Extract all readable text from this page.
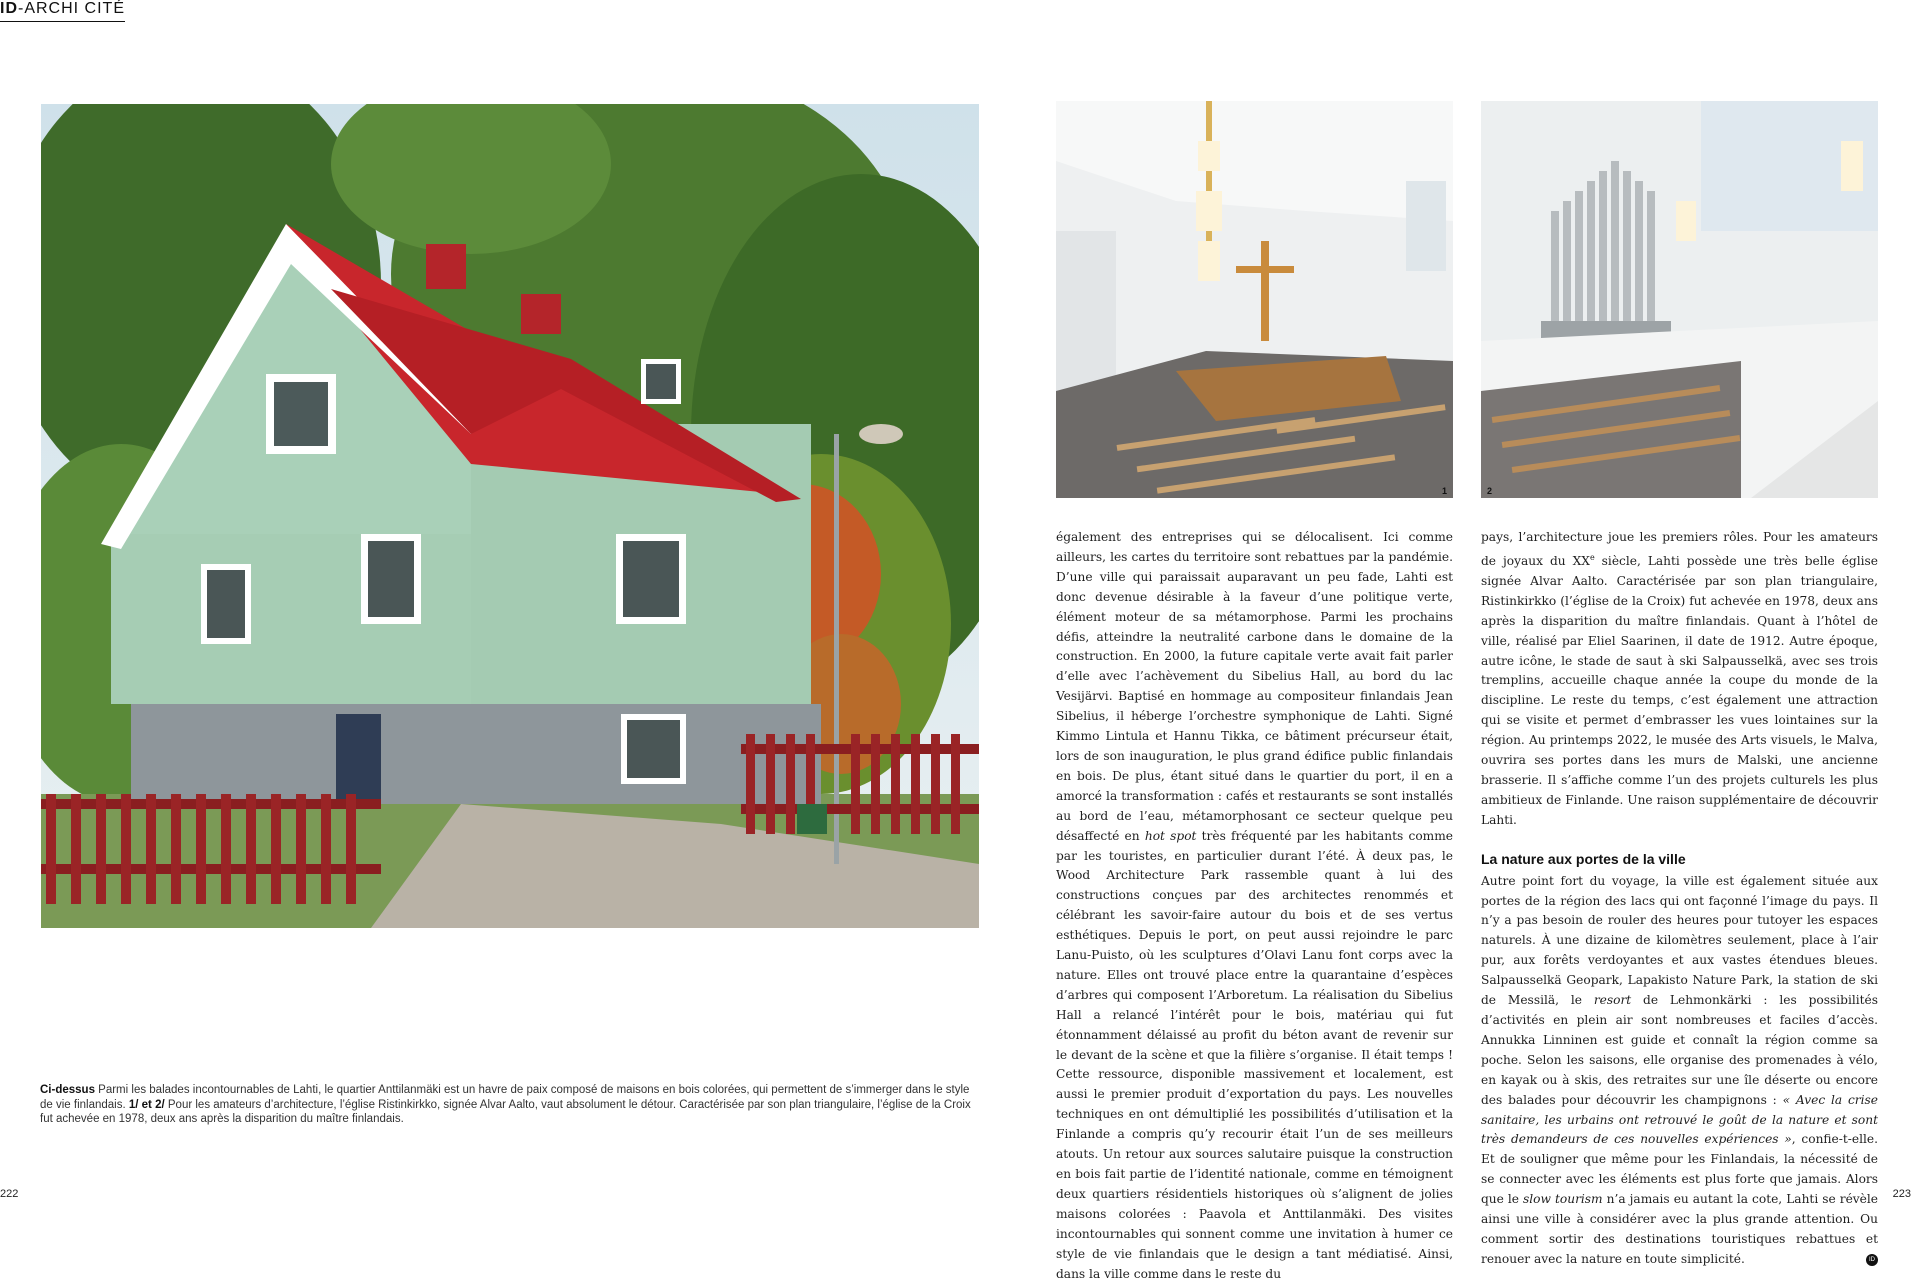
ID-ARCHI CITÉ
1	2
Ci-dessus Parmi les balades incontournables de Lahti, le quartier Anttilanmäki est un havre de paix composé de maisons en bois colorées, qui permettent de s’immerger dans le style de vie finlandais. 1/ et 2/ Pour les amateurs d’architecture, l’église Ristinkirkko, signée Alvar Aalto, vaut absolument le détour. Caractérisée par son plan triangulaire, l’église de la Croix fut achevée en 1978, deux ans après la disparition du maître finlandais.

également des entreprises qui se délocalisent. Ici comme ailleurs, les cartes du territoire sont rebattues par la pandémie. D’une ville qui paraissait auparavant un peu fade, Lahti est donc devenue désirable à la faveur d’une politique verte, élément moteur de sa métamorphose. Parmi les prochains défis, atteindre la neutralité carbone dans le domaine de la construction. En 2000, la future capitale verte avait fait parler d’elle avec l’achèvement du Sibelius Hall, au bord du lac Vesijärvi. Baptisé en hommage au compositeur finlandais Jean Sibelius, il héberge l’orchestre symphonique de Lahti. Signé Kimmo Lintula et Hannu Tikka, ce bâtiment précurseur était, lors de son inauguration, le plus grand édifice public finlandais en bois. De plus, étant situé dans le quartier du port, il en a amorcé la transformation : cafés et restaurants se sont installés au bord de l’eau, métamorphosant ce secteur quelque peu désaffecté en hot spot très fréquenté par les habitants comme par les touristes, en particulier durant l’été. À deux pas, le Wood Architecture Park rassemble quant à lui des constructions conçues par des architectes renommés et célébrant les savoir-faire autour du bois et de ses vertus esthétiques. Depuis le port, on peut aussi rejoindre le parc Lanu-Puisto, où les sculptures d’Olavi Lanu font corps avec la nature. Elles ont trouvé place entre la quarantaine d’espèces d’arbres qui composent l’Arboretum. La réalisation du Sibelius Hall a relancé l’intérêt pour le bois, matériau qui fut étonnamment délaissé au profit du béton avant de revenir sur le devant de la scène et que la filière s’organise. Il était temps ! Cette ressource, disponible massivement et localement, est aussi le premier produit d’exportation du pays. Les nouvelles techniques en ont démultiplié les possibilités d’utilisation et la Finlande a compris qu’y recourir était l’un de ses meilleurs atouts. Un retour aux sources salutaire puisque la construction en bois fait partie de l’identité nationale, comme en témoignent deux quartiers résidentiels historiques où s’alignent de jolies maisons colorées : Paavola et Anttilanmäki. Des visites incontournables qui sonnent comme une invitation à humer ce style de vie finlandais que le design a tant médiatisé. Ainsi, dans la ville comme dans le reste du

pays, l’architecture joue les premiers rôles. Pour les amateurs de joyaux du XXe siècle, Lahti possède une très belle église signée Alvar Aalto. Caractérisée par son plan triangulaire, Ristinkirkko (l’église de la Croix) fut achevée en 1978, deux ans après la disparition du maître finlandais. Quant à l’hôtel de ville, réalisé par Eliel Saarinen, il date de 1912. Autre époque, autre icône, le stade de saut à ski Salpausselkä, avec ses trois tremplins, accueille chaque année la coupe du monde de la discipline. Le reste du temps, c’est également une attraction qui se visite et permet d’embrasser les vues lointaines sur la région. Au printemps 2022, le musée des Arts visuels, le Malva, ouvrira ses portes dans les murs de Malski, une ancienne brasserie. Il s’affiche comme l’un des projets culturels les plus ambitieux de Finlande. Une raison supplémentaire de découvrir Lahti.

La nature aux portes de la ville

Autre point fort du voyage, la ville est également située aux portes de la région des lacs qui ont façonné l’image du pays. Il n’y a pas besoin de rouler des heures pour tutoyer les espaces naturels. À une dizaine de kilomètres seulement, place à l’air pur, aux forêts verdoyantes et aux vastes étendues bleues. Salpausselkä Geopark, Lapakisto Nature Park, la station de ski de Messilä, le resort de Lehmonkärki : les possibilités d’activités en plein air sont nombreuses et faciles d’accès. Annukka Linninen est guide et connaît la région comme sa poche. Selon les saisons, elle organise des promenades à vélo, en kayak ou à skis, des retraites sur une île déserte ou encore des balades pour découvrir les champignons : « Avec la crise sanitaire, les urbains ont retrouvé le goût de la nature et sont très demandeurs de ces nouvelles expériences », confie-t-elle. Et de souligner que même pour les Finlandais, la nécessité de se connecter avec les éléments est plus forte que jamais. Alors que le slow tourism n’a jamais eu autant la cote, Lahti se révèle ainsi une ville à considérer avec la plus grande attention. Ou comment sortir des destinations touristiques rebattues et renouer avec la nature en toute simplicité.	ID

222	223
